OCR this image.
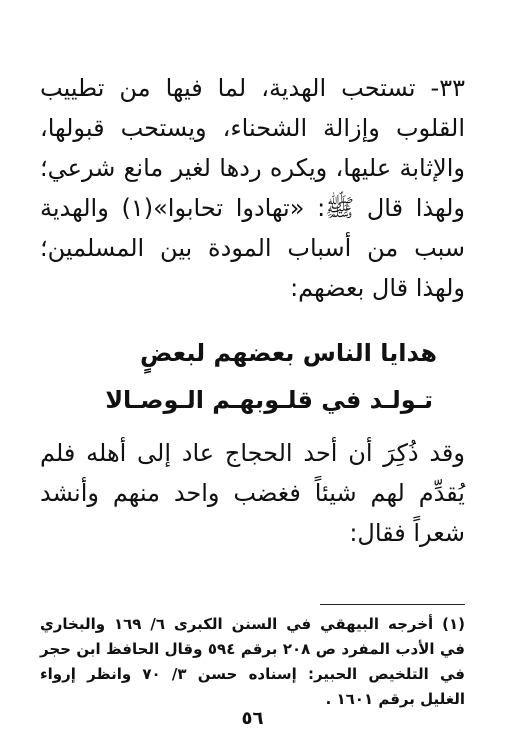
٣٣- تستحب الهدية، لما فيها من تطييب القلوب وإزالة الشحناء، ويستحب قبولها، والإثابة عليها، ويكره ردها لغير مانع شرعي؛ ولهذا قال ﷺ: «تهادوا تحابوا»(١) والهدية سبب من أسباب المودة بين المسلمين؛ ولهذا قال بعضهم:

هدايا الناس بعضهم لبعضٍ
تـولـد في قلـوبهـم الـوصـالا

وقد ذُكِرَ أن أحد الحجاج عاد إلى أهله فلم يُقدِّم لهم شيئاً فغضب واحد منهم وأنشد شعراً فقال:

(١) أخرجه البيهقي في السنن الكبرى ٦/ ١٦٩ والبخاري في الأدب المفرد ص ٢٠٨ برقم ٥٩٤ وقال الحافظ ابن حجر في التلخيص الحبير: إسناده حسن ٣/ ٧٠ وانظر إرواء الغليل برقم ١٦٠١ .

٥٦
